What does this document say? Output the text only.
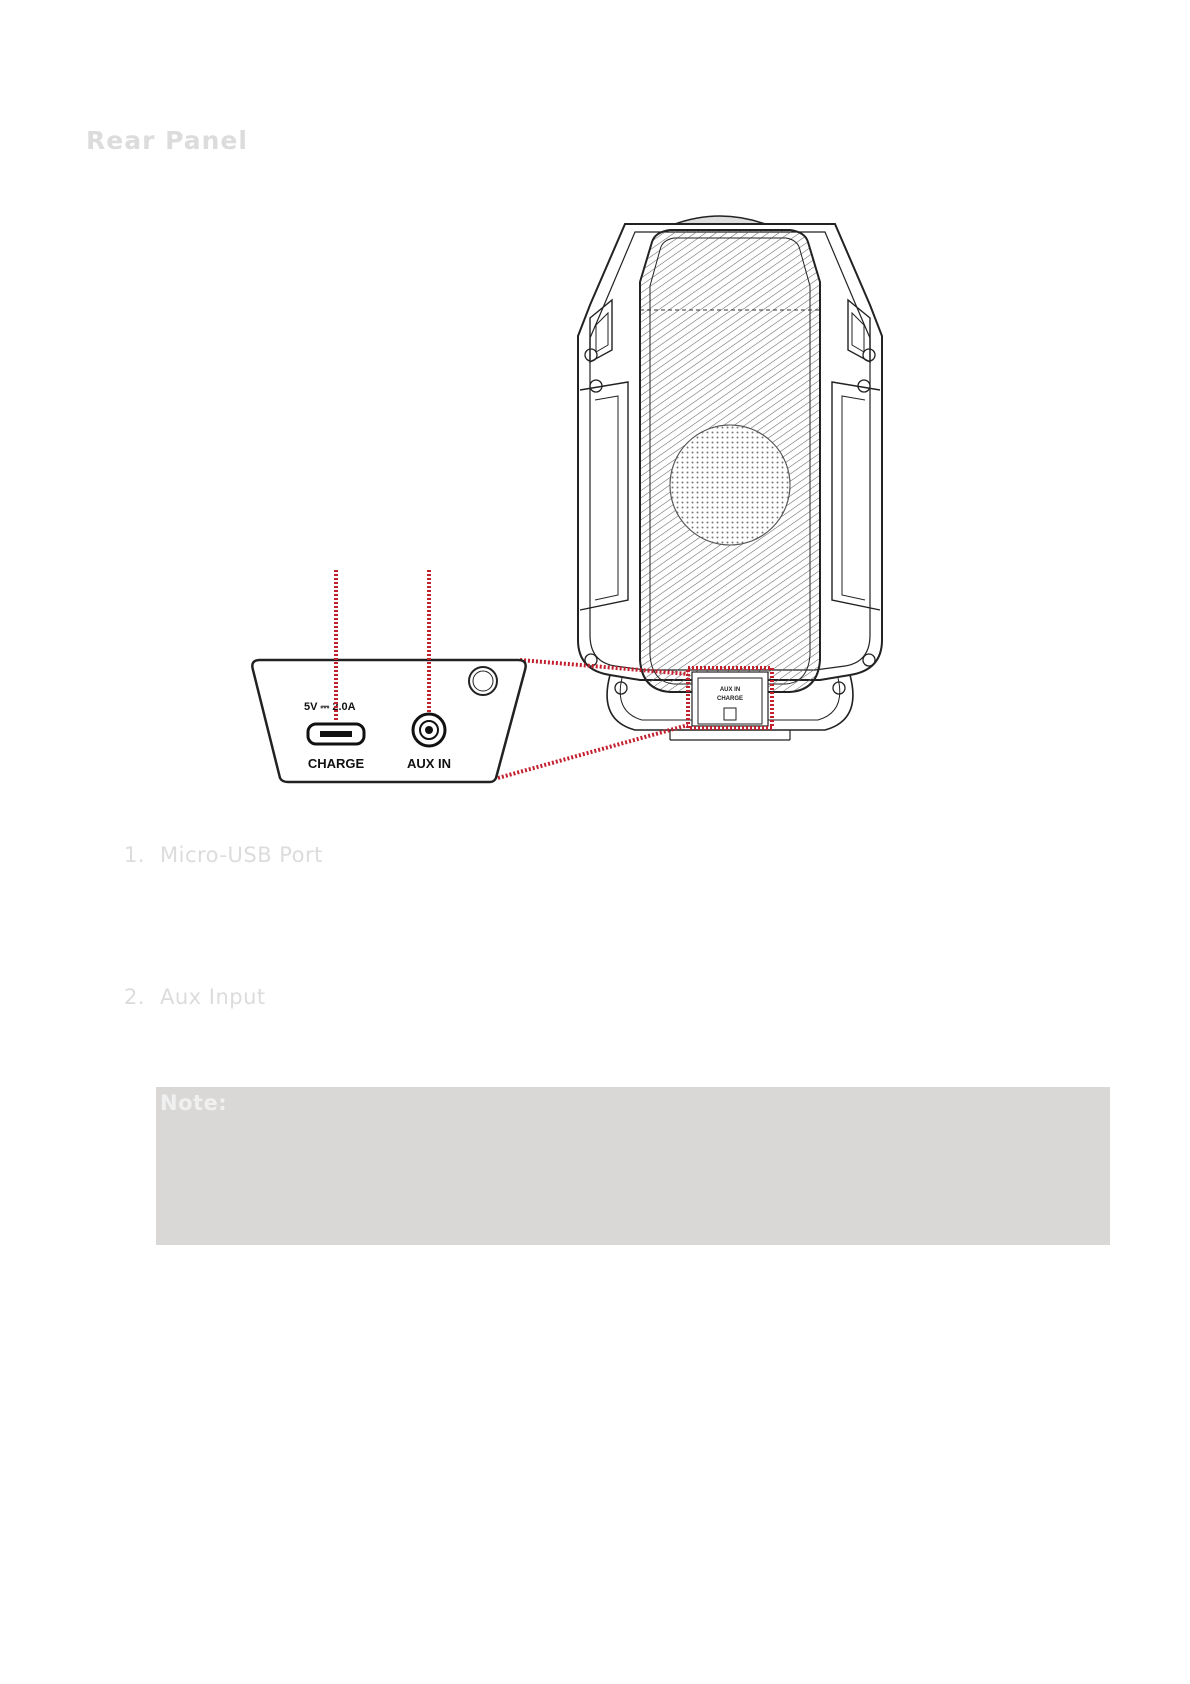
Rear Panel
AUX IN
CHARGE
5V ⎓ 2.0A
CHARGE	AUX IN
1. Micro-USB Port
2. Aux Input
Note:
